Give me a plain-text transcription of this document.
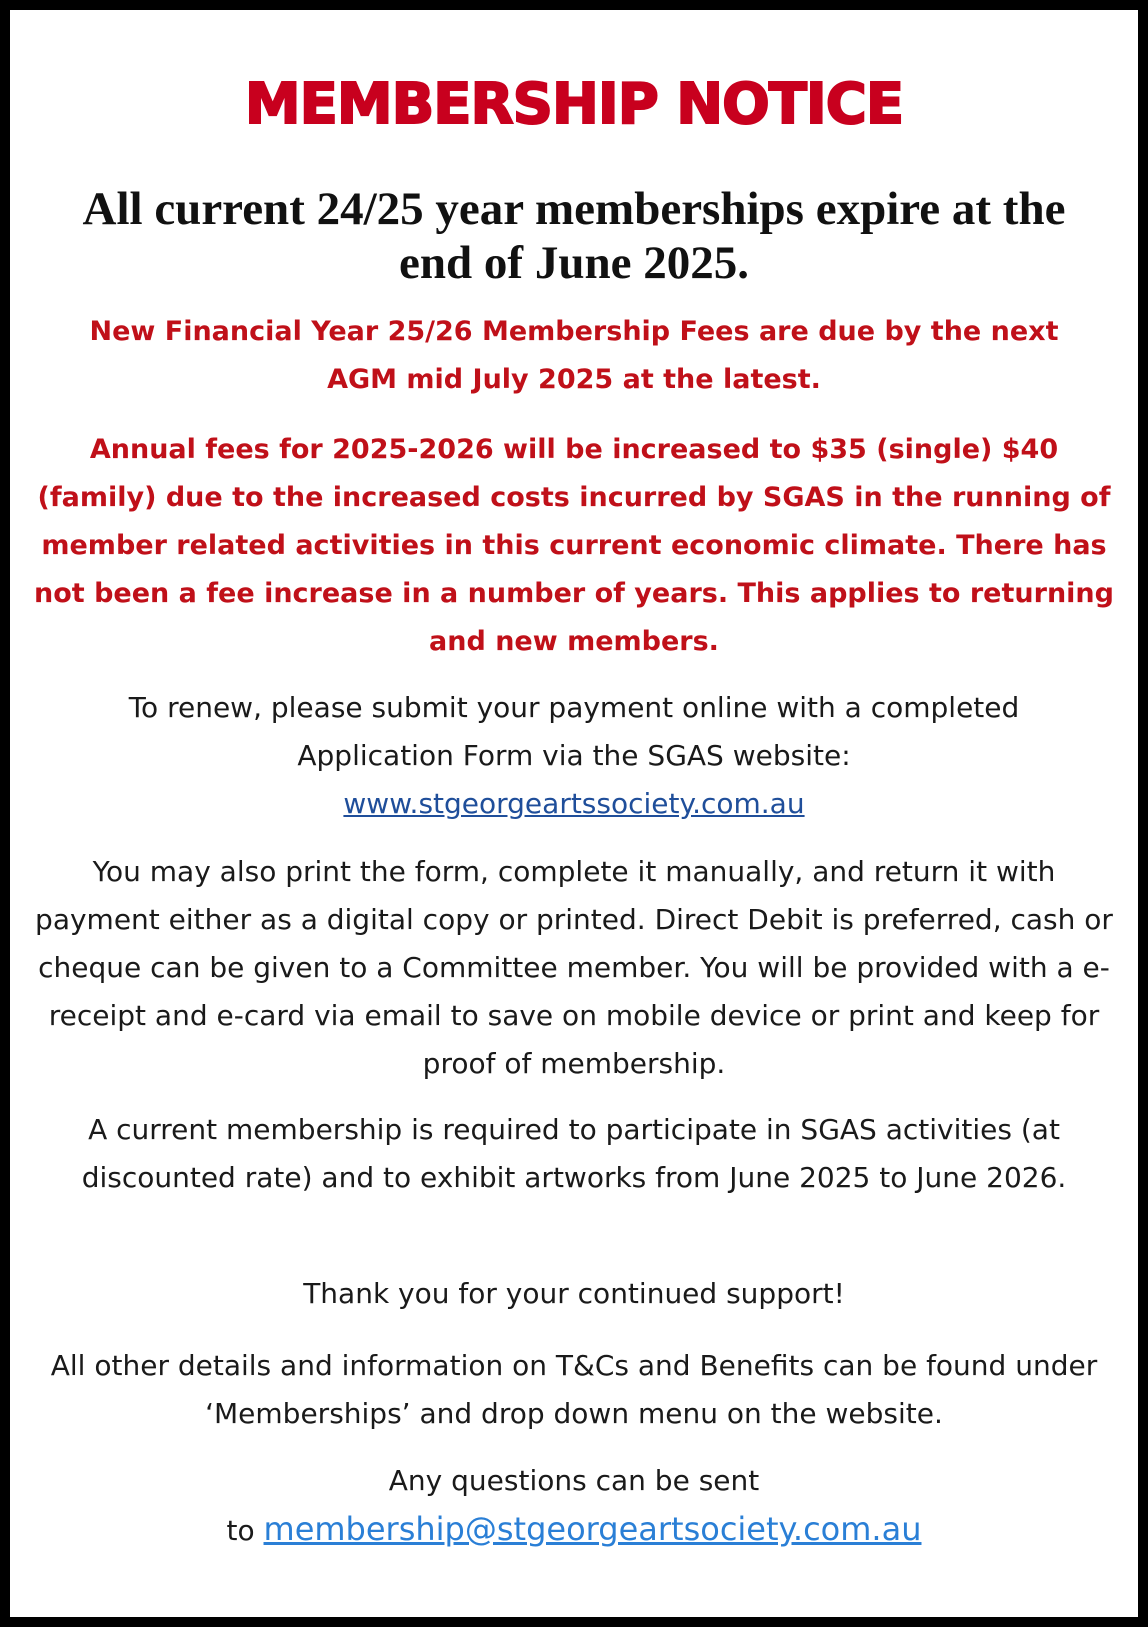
MEMBERSHIP NOTICE
All current 24/25 year memberships expire at the
end of June 2025.
New Financial Year 25/26 Membership Fees are due by the next AGM mid July 2025 at the latest.
Annual fees for 2025-2026 will be increased to $35 (single) $40 (family) due to the increased costs incurred by SGAS in the running of member related activities in this current economic climate. There has not been a fee increase in a number of years. This applies to returning and new members.
To renew, please submit your payment online with a completed Application Form via the SGAS website:
www.stgeorgeartssociety.com.au
You may also print the form, complete it manually, and return it with payment either as a digital copy or printed. Direct Debit is preferred, cash or cheque can be given to a Committee member. You will be provided with a e-receipt and e-card via email to save on mobile device or print and keep for proof of membership.
A current membership is required to participate in SGAS activities (at discounted rate) and to exhibit artworks from June 2025 to June 2026.
Thank you for your continued support!
All other details and information on T&Cs and Benefits can be found under ‘Memberships’ and drop down menu on the website.
Any questions can be sent
to membership@stgeorgeartsociety.com.au
